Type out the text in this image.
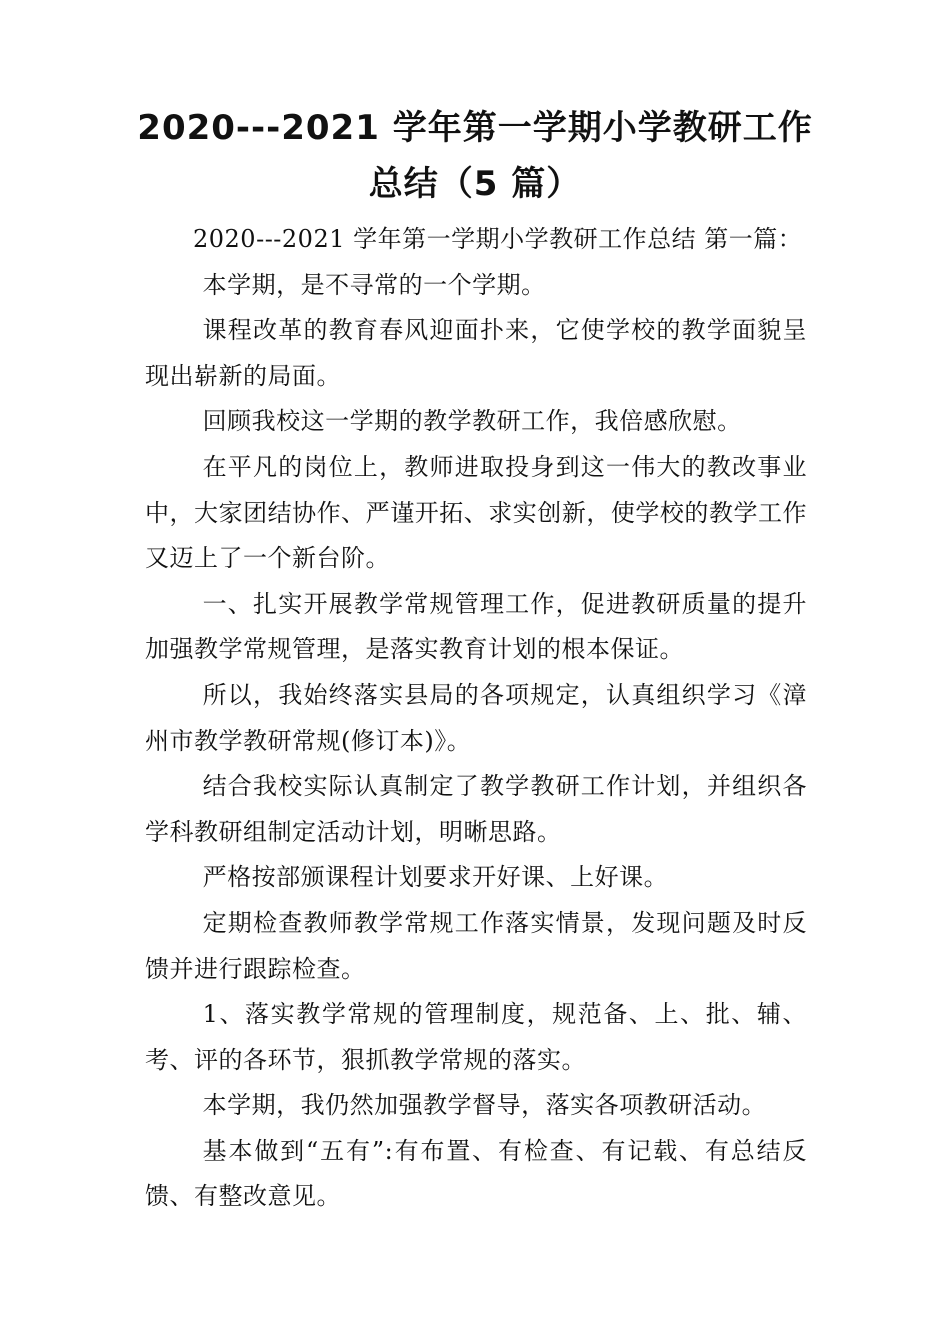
2020---2021 学年第一学期小学教研工作总结（5 篇）

2020---2021 学年第一学期小学教研工作总结 第一篇：

本学期，是不寻常的一个学期。

课程改革的教育春风迎面扑来，它使学校的教学面貌呈现出崭新的局面。

回顾我校这一学期的教学教研工作，我倍感欣慰。

在平凡的岗位上，教师进取投身到这一伟大的教改事业中，大家团结协作、严谨开拓、求实创新，使学校的教学工作又迈上了一个新台阶。

一、扎实开展教学常规管理工作，促进教研质量的提升加强教学常规管理，是落实教育计划的根本保证。

所以，我始终落实县局的各项规定，认真组织学习《漳州市教学教研常规(修订本)》。

结合我校实际认真制定了教学教研工作计划，并组织各学科教研组制定活动计划，明晰思路。

严格按部颁课程计划要求开好课、上好课。

定期检查教师教学常规工作落实情景，发现问题及时反馈并进行跟踪检查。

1、落实教学常规的管理制度，规范备、上、批、辅、考、评的各环节，狠抓教学常规的落实。

本学期，我仍然加强教学督导，落实各项教研活动。

基本做到“五有”:有布置、有检查、有记载、有总结反馈、有整改意见。
